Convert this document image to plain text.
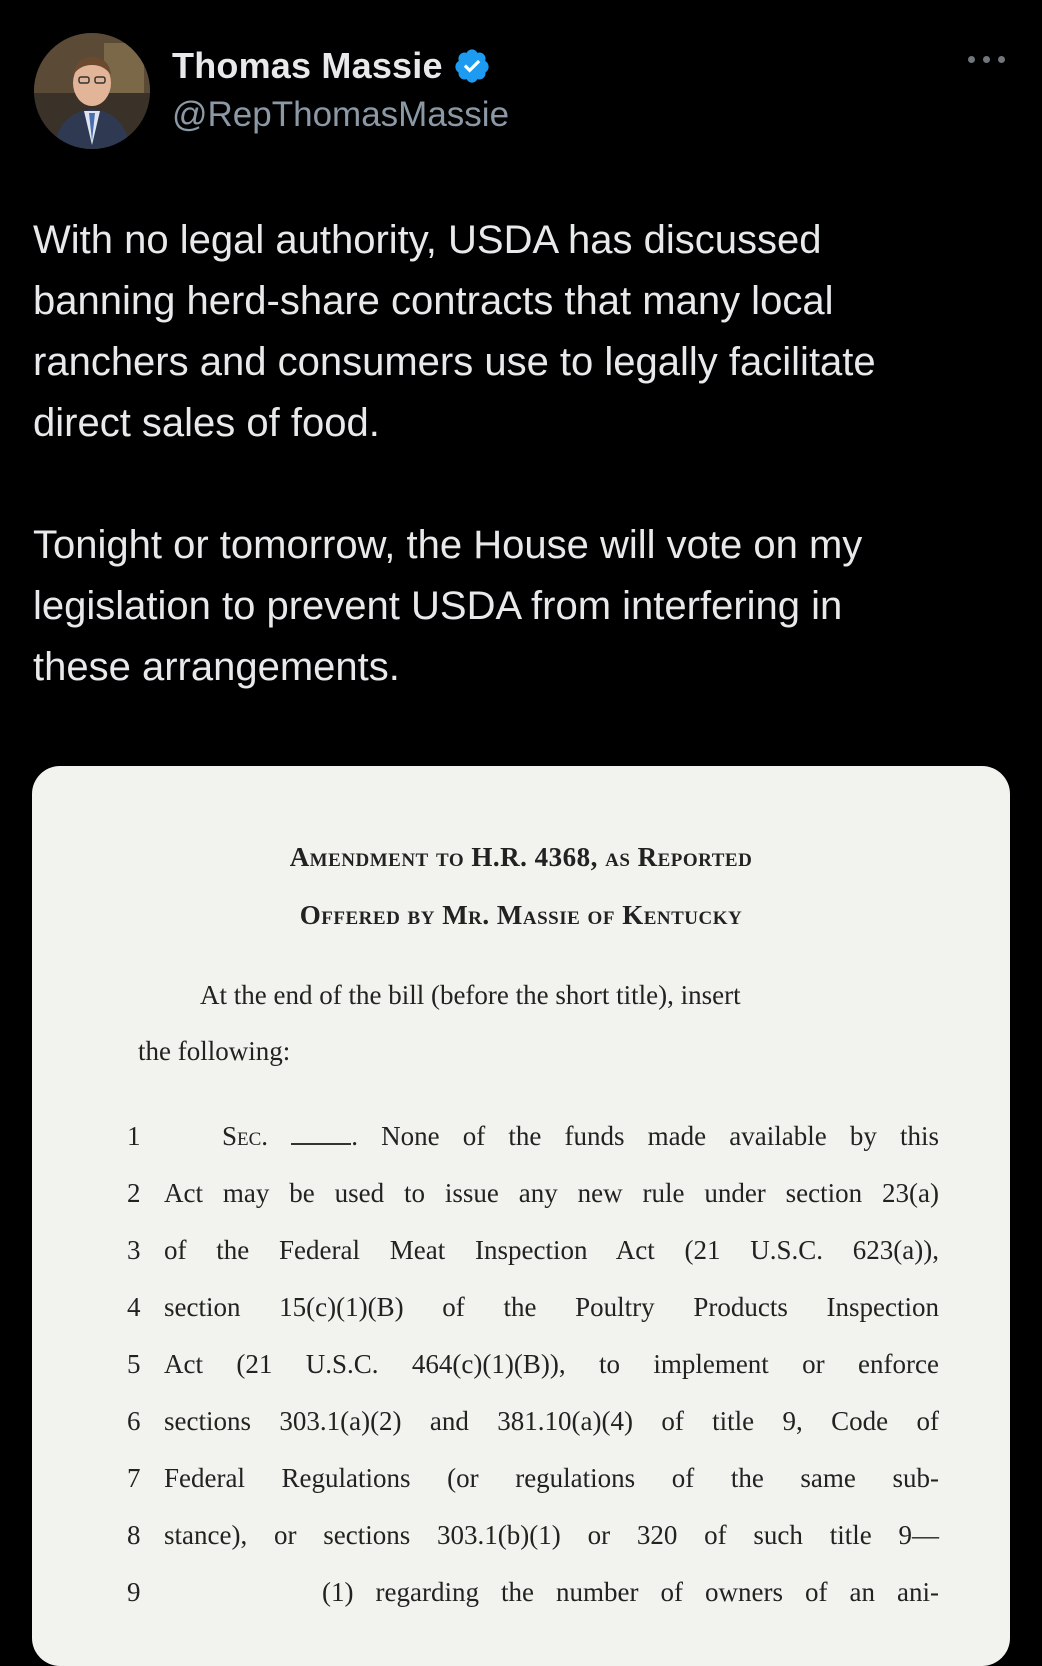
Thomas Massie
@RepThomasMassie

With no legal authority, USDA has discussed
banning herd-share contracts that many local
ranchers and consumers use to legally facilitate
direct sales of food.

Tonight or tomorrow, the House will vote on my
legislation to prevent USDA from interfering in
these arrangements.

Amendment to H.R. 4368, as Reported
Offered by Mr. Massie of Kentucky
At the end of the bill (before the short title), insert
the following:
1	Sec.	. None of the funds made available by this
2 Act may be used to issue any new rule under section 23(a)
3 of the Federal Meat Inspection Act (21 U.S.C. 623(a)),
4 section 15(c)(1)(B) of the Poultry Products Inspection
5 Act (21 U.S.C. 464(c)(1)(B)), to implement or enforce
6 sections 303.1(a)(2) and 381.10(a)(4) of title 9, Code of
7 Federal Regulations (or regulations of the same sub-
8 stance), or sections 303.1(b)(1) or 320 of such title 9—
9	(1) regarding the number of owners of an ani-
